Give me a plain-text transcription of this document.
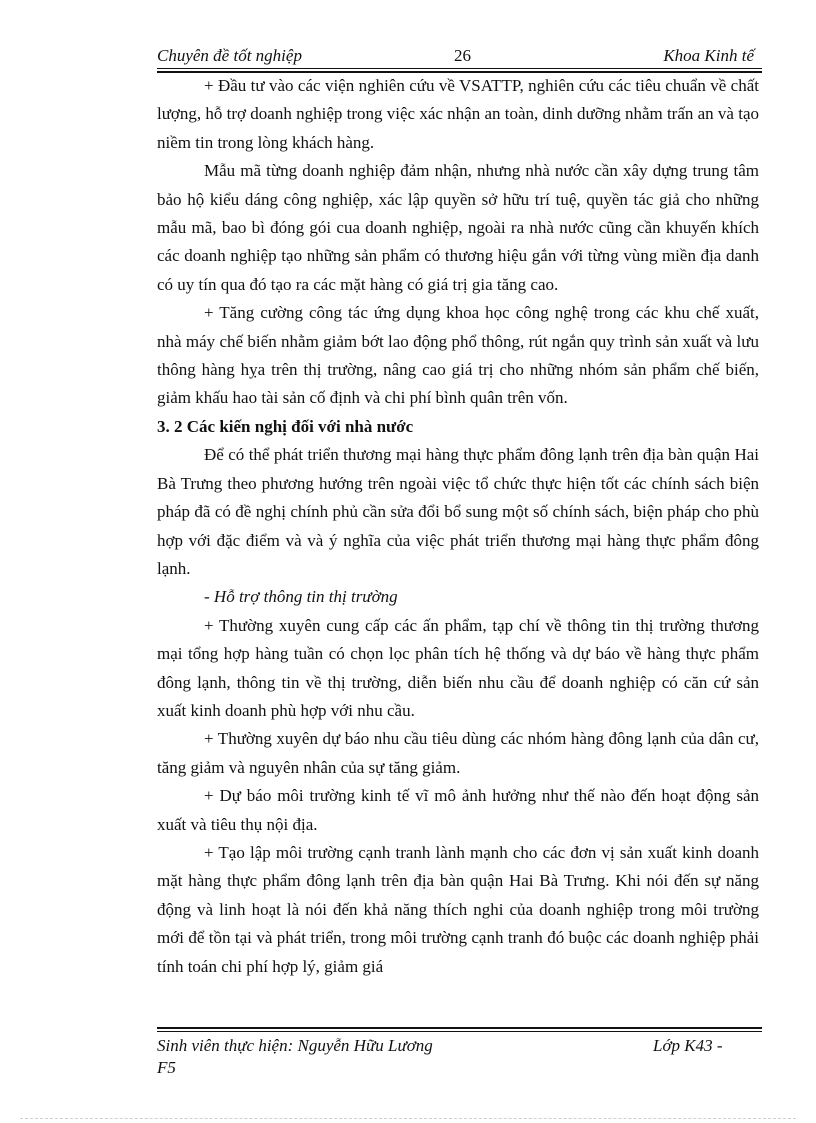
Chuyên đề tốt nghiệp	26	Khoa Kinh tế

+ Đầu tư vào các viện nghiên cứu về VSATTP, nghiên cứu các tiêu chuẩn về chất lượng, hỗ trợ doanh nghiệp trong việc xác nhận an toàn, dinh dưỡng nhằm trấn an và tạo niềm tin trong lòng khách hàng.

Mẫu mã từng doanh nghiệp đảm nhận, nhưng nhà nước cần xây dựng trung tâm bảo hộ kiểu dáng công nghiệp, xác lập quyền sở hữu trí tuệ, quyền tác giả cho những mẫu mã, bao bì đóng gói cua doanh nghiệp, ngoài ra nhà nước cũng cần khuyến khích các doanh nghiệp tạo những sản phẩm có thương hiệu gắn với từng vùng miền địa danh có uy tín qua đó tạo ra các mặt hàng có giá trị gia tăng cao.

+ Tăng cường công tác ứng dụng khoa học công nghệ trong các khu chế xuất, nhà máy chế biến nhằm giảm bớt lao động phổ thông, rút ngắn quy trình sản xuất và lưu thông hàng hỵa trên thị trường, nâng cao giá trị cho những nhóm sản phẩm chế biến, giảm khấu hao tài sản cố định và chi phí bình quân trên vốn.

3. 2 Các kiến nghị đối với nhà nước

Để có thể phát triển thương mại hàng thực phẩm đông lạnh trên địa bàn quận Hai Bà Trưng theo phương hướng trên ngoài việc tổ chức thực hiện tốt các chính sách biện pháp đã có đề nghị chính phủ cần sửa đổi bổ sung một số chính sách, biện pháp cho phù hợp với đặc điểm và và ý nghĩa của việc phát triển thương mại hàng thực phẩm đông lạnh.

- Hỗ trợ thông tin thị trường

+ Thường xuyên cung cấp các ấn phẩm, tạp chí về thông tin thị trường thương mại tổng hợp hàng tuần có chọn lọc phân tích hệ thống và dự báo về hàng thực phẩm đông lạnh, thông tin về thị trường, diễn biến nhu cầu để doanh nghiệp có căn cứ sản xuất kinh doanh phù hợp với nhu cầu.

+ Thường xuyên dự báo nhu cầu tiêu dùng các nhóm hàng đông lạnh của dân cư, tăng giảm và nguyên nhân của sự tăng giảm.

+ Dự báo môi trường kinh tế vĩ mô ảnh hưởng như thế nào đến hoạt động sản xuất và tiêu thụ nội địa.

+ Tạo lập môi trường cạnh tranh lành mạnh cho các đơn vị sản xuất kinh doanh mặt hàng thực phẩm đông lạnh trên địa bàn quận Hai Bà Trưng. Khi nói đến sự năng động và linh hoạt là nói đến khả năng thích nghi của doanh nghiệp trong môi trường mới để tồn tại và phát triển, trong môi trường cạnh tranh đó buộc các doanh nghiệp phải tính toán chi phí hợp lý, giảm giá

Sinh viên thực hiện: Nguyễn Hữu Lương	Lớp K43 -
F5
